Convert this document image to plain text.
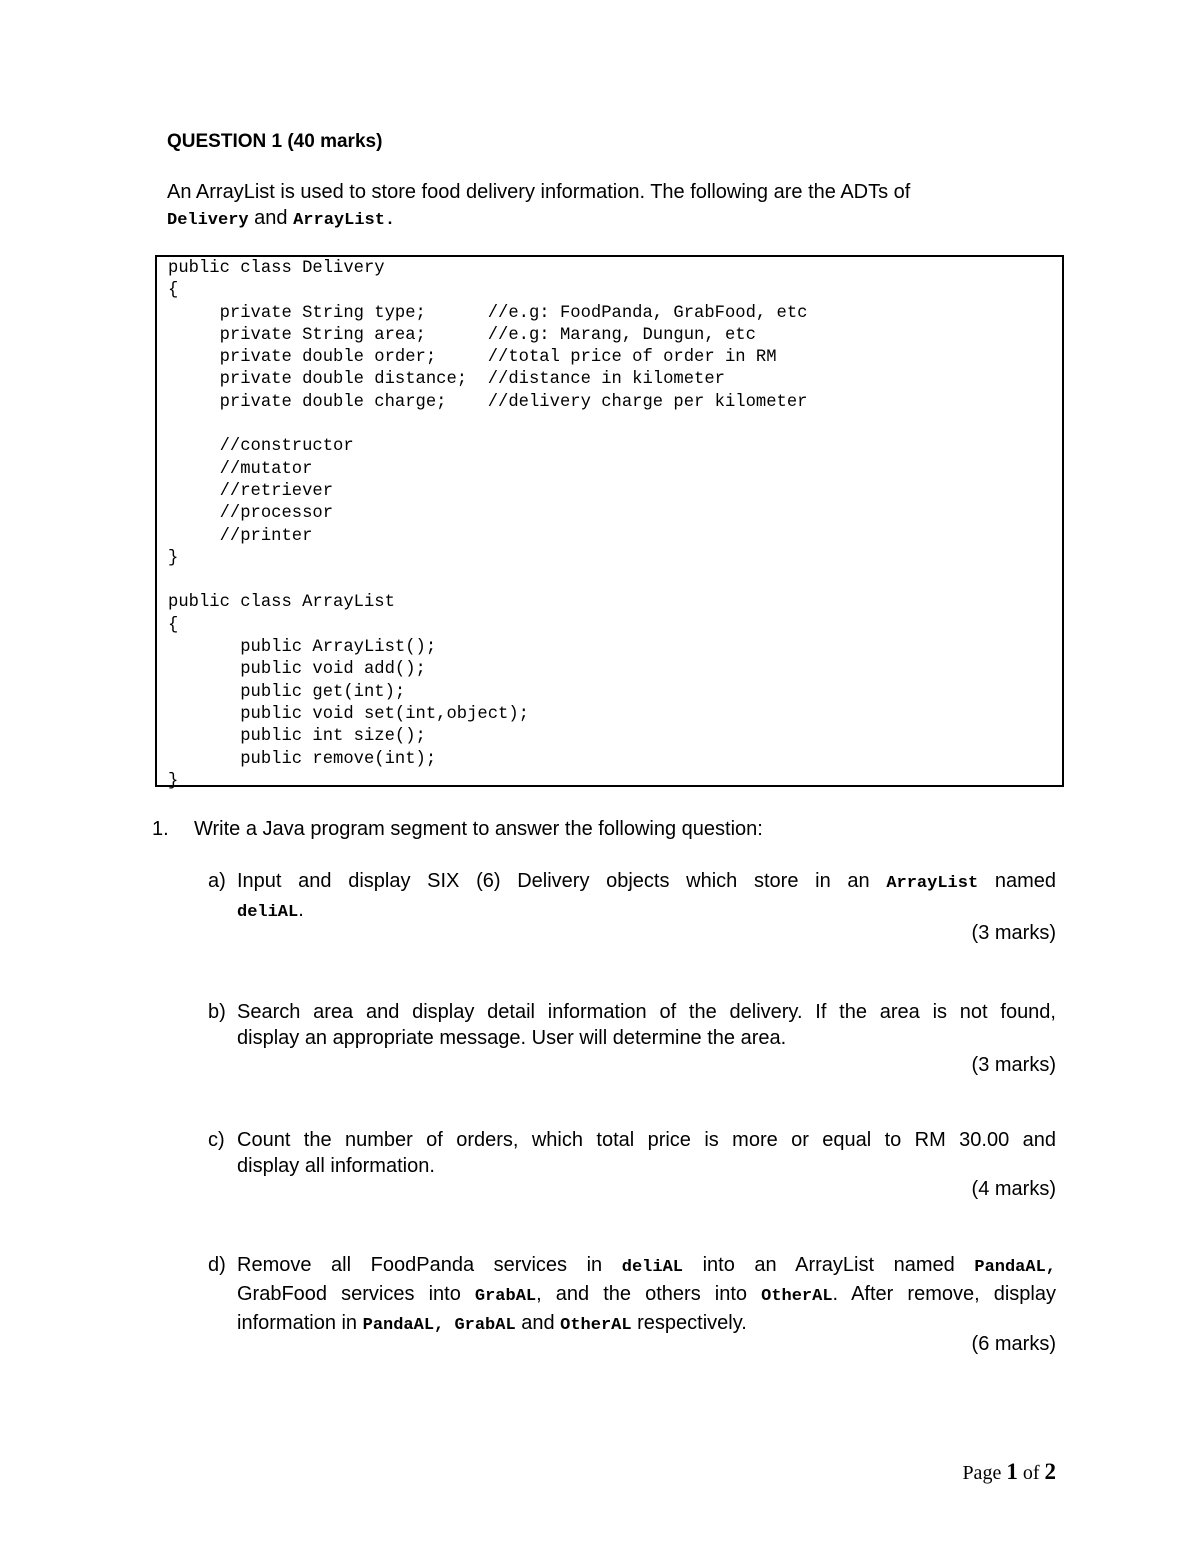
QUESTION 1 (40 marks)
An ArrayList is used to store food delivery information. The following are the ADTs of
Delivery and ArrayList.
public class Delivery
{
private String type;      //e.g: FoodPanda, GrabFood, etc
private String area;      //e.g: Marang, Dungun, etc
private double order;     //total price of order in RM
private double distance;  //distance in kilometer
private double charge;    //delivery charge per kilometer

//constructor
//mutator
//retriever
//processor
//printer
}

public class ArrayList
{
public ArrayList();
public void add();
public get(int);
public void set(int,object);
public int size();
public remove(int);
}
1. Write a Java program segment to answer the following question:
a) Input and display SIX (6) Delivery objects which store in an ArrayList named
deliAL.
(3 marks)
b) Search area and display detail information of the delivery. If the area is not found,
display an appropriate message. User will determine the area.
(3 marks)
c) Count the number of orders, which total price is more or equal to RM 30.00 and
display all information.
(4 marks)
d) Remove all FoodPanda services in deliAL into an ArrayList named PandaAL,
GrabFood services into GrabAL, and the others into OtherAL. After remove, display
information in PandaAL, GrabAL and OtherAL respectively.
(6 marks)
Page 1 of 2
